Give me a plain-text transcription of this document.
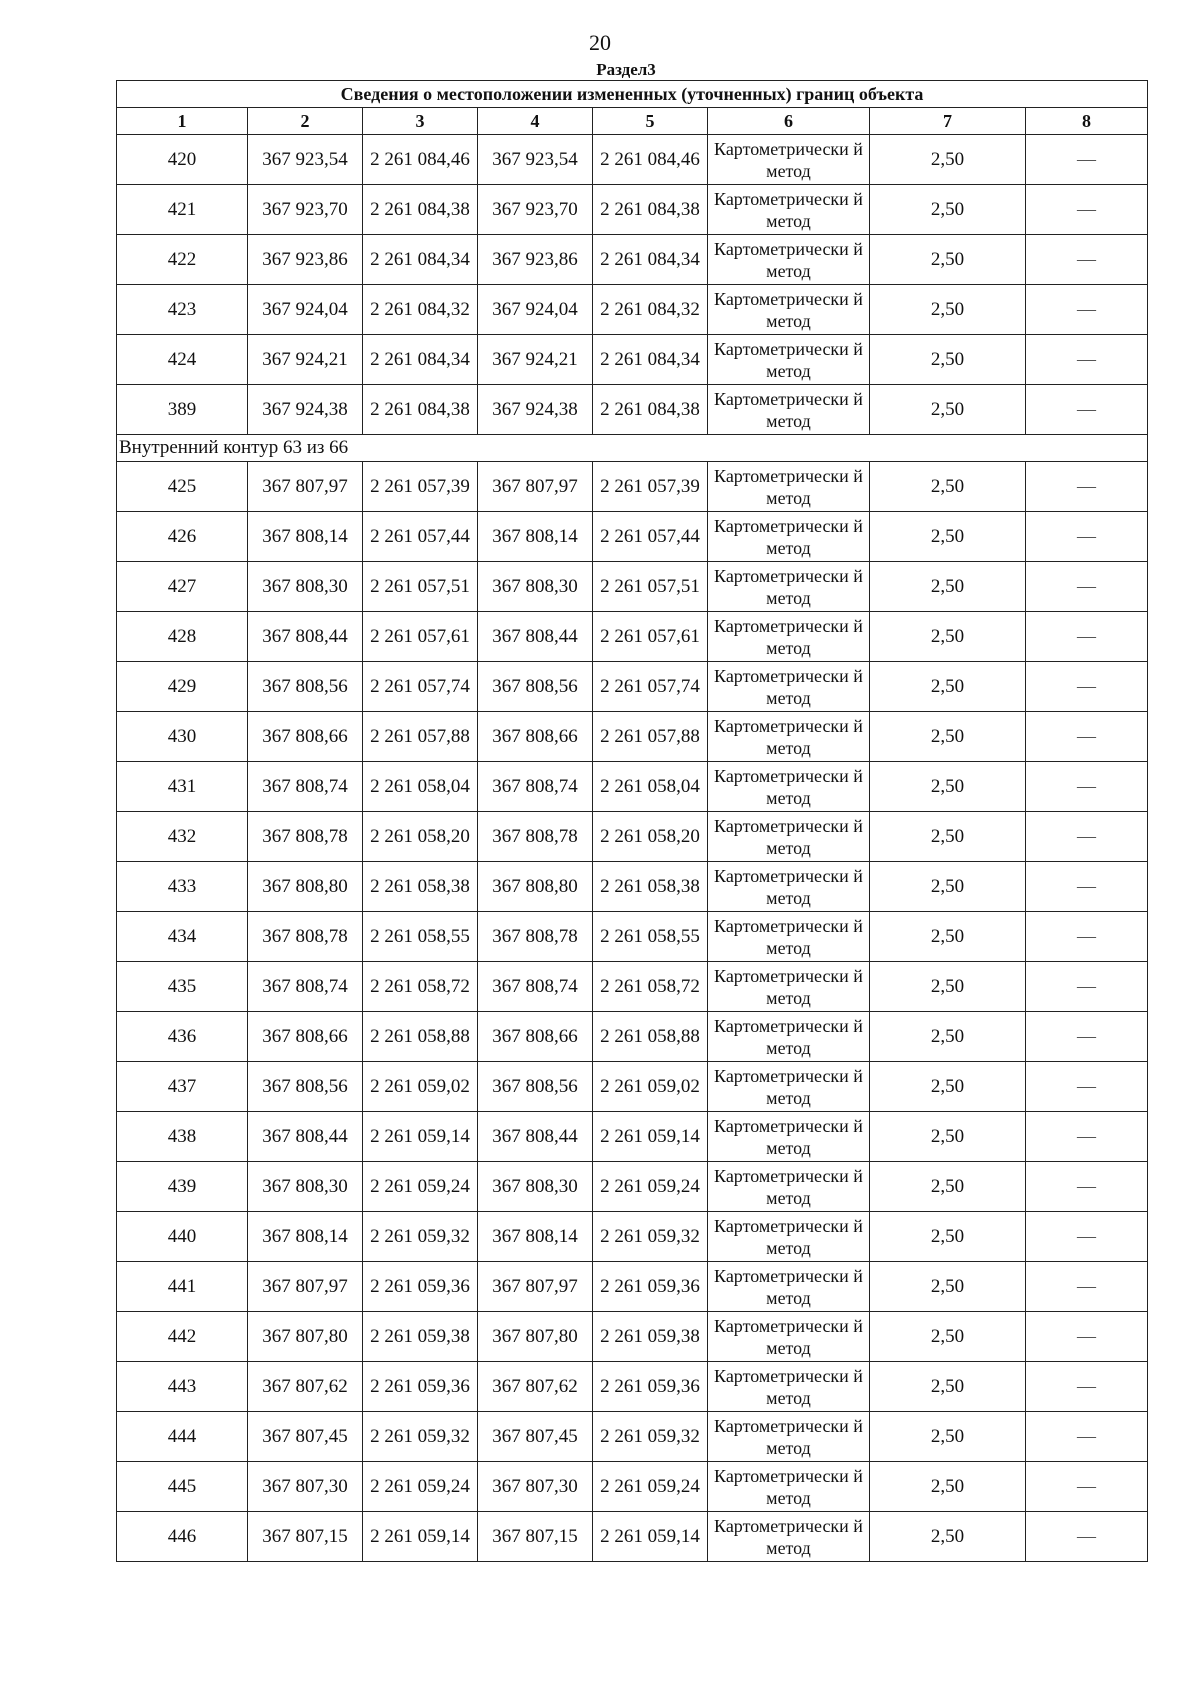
20
Раздел3
Сведения о местоположении измененных (уточненных) границ объекта							
1	2	3	4	5	6	7	8
420	367 923,54	2 261 084,46	367 923,54	2 261 084,46	Картометрически й метод	2,50	—
421	367 923,70	2 261 084,38	367 923,70	2 261 084,38	Картометрически й метод	2,50	—
422	367 923,86	2 261 084,34	367 923,86	2 261 084,34	Картометрически й метод	2,50	—
423	367 924,04	2 261 084,32	367 924,04	2 261 084,32	Картометрически й метод	2,50	—
424	367 924,21	2 261 084,34	367 924,21	2 261 084,34	Картометрически й метод	2,50	—
389	367 924,38	2 261 084,38	367 924,38	2 261 084,38	Картометрически й метод	2,50	—
Внутренний контур 63 из 66							
425	367 807,97	2 261 057,39	367 807,97	2 261 057,39	Картометрически й метод	2,50	—
426	367 808,14	2 261 057,44	367 808,14	2 261 057,44	Картометрически й метод	2,50	—
427	367 808,30	2 261 057,51	367 808,30	2 261 057,51	Картометрически й метод	2,50	—
428	367 808,44	2 261 057,61	367 808,44	2 261 057,61	Картометрически й метод	2,50	—
429	367 808,56	2 261 057,74	367 808,56	2 261 057,74	Картометрически й метод	2,50	—
430	367 808,66	2 261 057,88	367 808,66	2 261 057,88	Картометрически й метод	2,50	—
431	367 808,74	2 261 058,04	367 808,74	2 261 058,04	Картометрически й метод	2,50	—
432	367 808,78	2 261 058,20	367 808,78	2 261 058,20	Картометрически й метод	2,50	—
433	367 808,80	2 261 058,38	367 808,80	2 261 058,38	Картометрически й метод	2,50	—
434	367 808,78	2 261 058,55	367 808,78	2 261 058,55	Картометрически й метод	2,50	—
435	367 808,74	2 261 058,72	367 808,74	2 261 058,72	Картометрически й метод	2,50	—
436	367 808,66	2 261 058,88	367 808,66	2 261 058,88	Картометрически й метод	2,50	—
437	367 808,56	2 261 059,02	367 808,56	2 261 059,02	Картометрически й метод	2,50	—
438	367 808,44	2 261 059,14	367 808,44	2 261 059,14	Картометрически й метод	2,50	—
439	367 808,30	2 261 059,24	367 808,30	2 261 059,24	Картометрически й метод	2,50	—
440	367 808,14	2 261 059,32	367 808,14	2 261 059,32	Картометрически й метод	2,50	—
441	367 807,97	2 261 059,36	367 807,97	2 261 059,36	Картометрически й метод	2,50	—
442	367 807,80	2 261 059,38	367 807,80	2 261 059,38	Картометрически й метод	2,50	—
443	367 807,62	2 261 059,36	367 807,62	2 261 059,36	Картометрически й метод	2,50	—
444	367 807,45	2 261 059,32	367 807,45	2 261 059,32	Картометрически й метод	2,50	—
445	367 807,30	2 261 059,24	367 807,30	2 261 059,24	Картометрически й метод	2,50	—
446	367 807,15	2 261 059,14	367 807,15	2 261 059,14	Картометрически й метод	2,50	—
